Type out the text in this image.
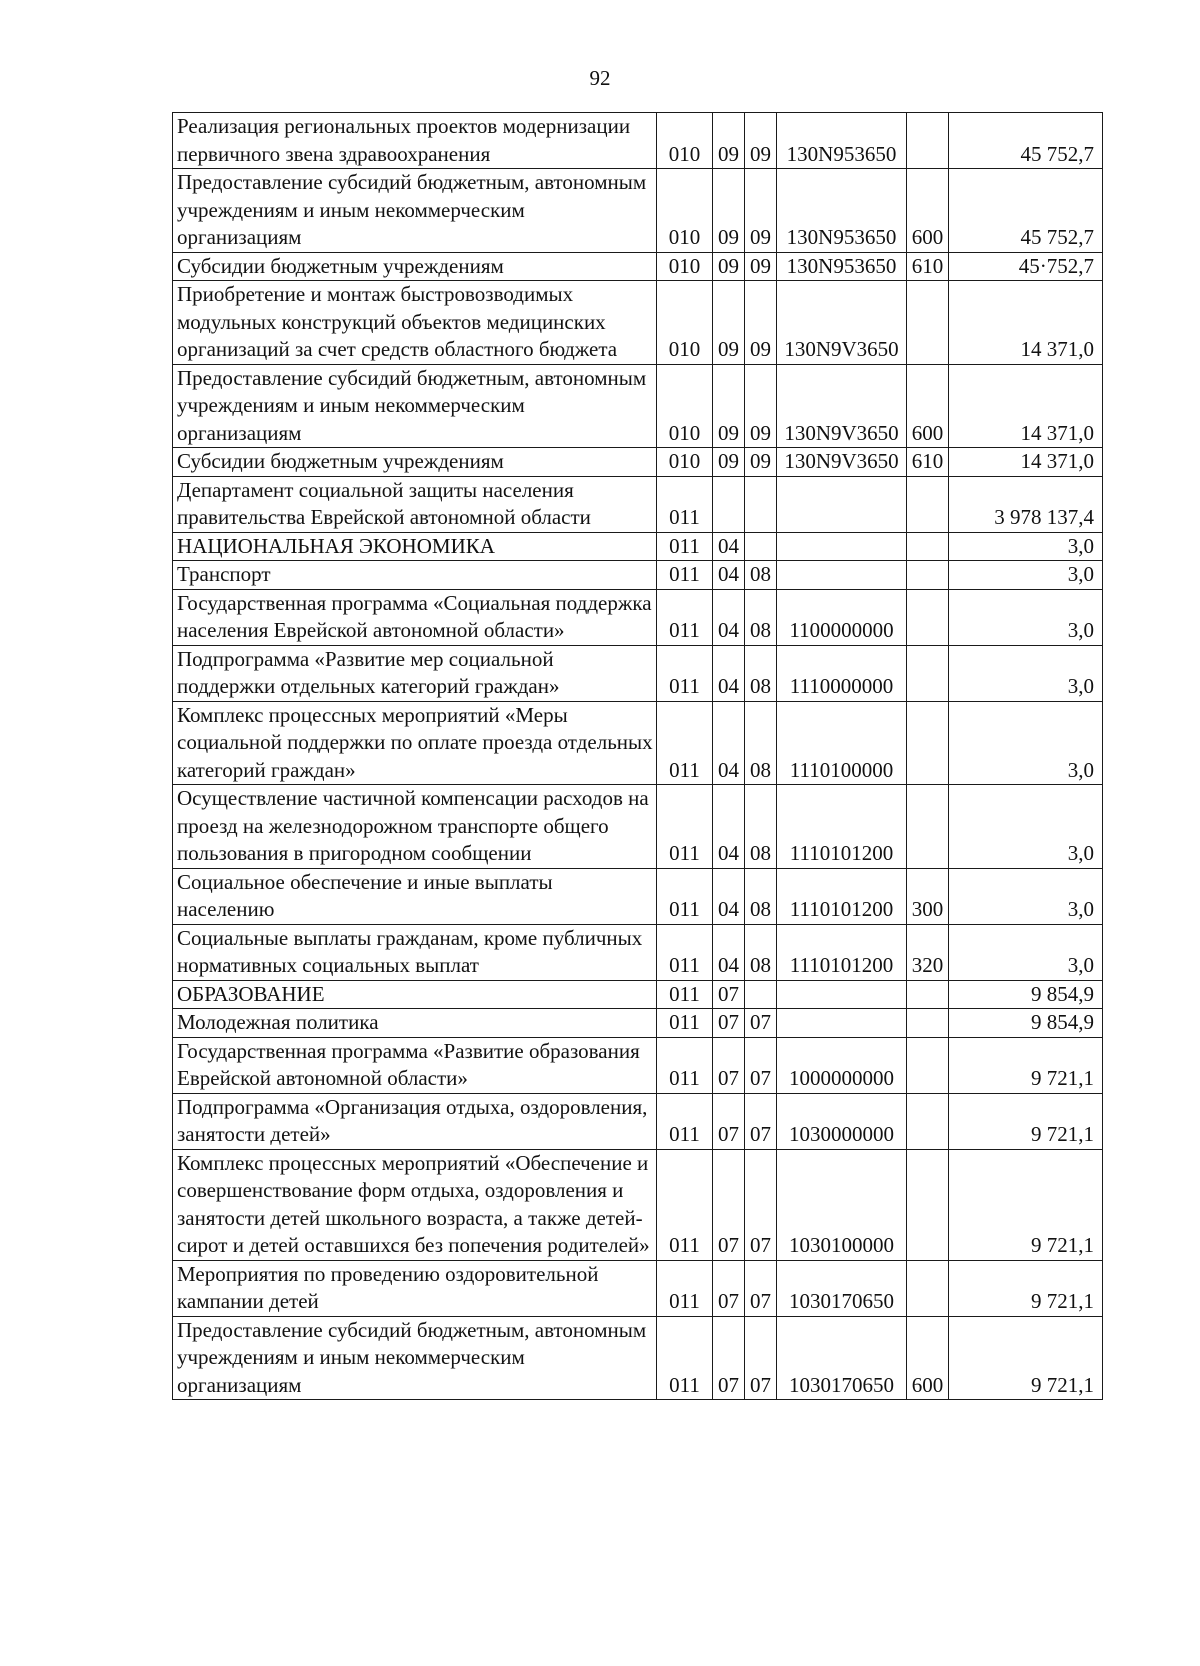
92
Реализация региональных проектов модернизации первичного звена здравоохранения	010	09	09	130N953650		45 752,7
Предоставление субсидий бюджетным, автономным учреждениям и иным некоммерческим организациям	010	09	09	130N953650	600	45 752,7
Субсидии бюджетным учреждениям	010	09	09	130N953650	610	45·752,7
Приобретение и монтаж быстровозводимых модульных конструкций объектов медицинских организаций за счет средств областного бюджета	010	09	09	130N9V3650		14 371,0
Предоставление субсидий бюджетным, автономным учреждениям и иным некоммерческим организациям	010	09	09	130N9V3650	600	14 371,0
Субсидии бюджетным учреждениям	010	09	09	130N9V3650	610	14 371,0
Департамент социальной защиты населения правительства Еврейской автономной области	011					3 978 137,4
НАЦИОНАЛЬНАЯ ЭКОНОМИКА	011	04				3,0
Транспорт	011	04	08			3,0
Государственная программа «Социальная поддержка населения Еврейской автономной области»	011	04	08	1100000000		3,0
Подпрограмма «Развитие мер социальной поддержки отдельных категорий граждан»	011	04	08	1110000000		3,0
Комплекс процессных мероприятий «Меры социальной поддержки по оплате проезда отдельных категорий граждан»	011	04	08	1110100000		3,0
Осуществление частичной компенсации расходов на проезд на железнодорожном транспорте общего пользования в пригородном сообщении	011	04	08	1110101200		3,0
Социальное обеспечение и иные выплаты населению	011	04	08	1110101200	300	3,0
Социальные выплаты гражданам, кроме публичных нормативных социальных выплат	011	04	08	1110101200	320	3,0
ОБРАЗОВАНИЕ	011	07				9 854,9
Молодежная политика	011	07	07			9 854,9
Государственная программа «Развитие образования Еврейской автономной области»	011	07	07	1000000000		9 721,1
Подпрограмма «Организация отдыха, оздоровления, занятости детей»	011	07	07	1030000000		9 721,1
Комплекс процессных мероприятий «Обеспечение и совершенствование форм отдыха, оздоровления и занятости детей школьного возраста, а также детей-сирот и детей оставшихся без попечения родителей»	011	07	07	1030100000		9 721,1
Мероприятия по проведению оздоровительной кампании детей	011	07	07	1030170650		9 721,1
Предоставление субсидий бюджетным, автономным учреждениям и иным некоммерческим организациям	011	07	07	1030170650	600	9 721,1
